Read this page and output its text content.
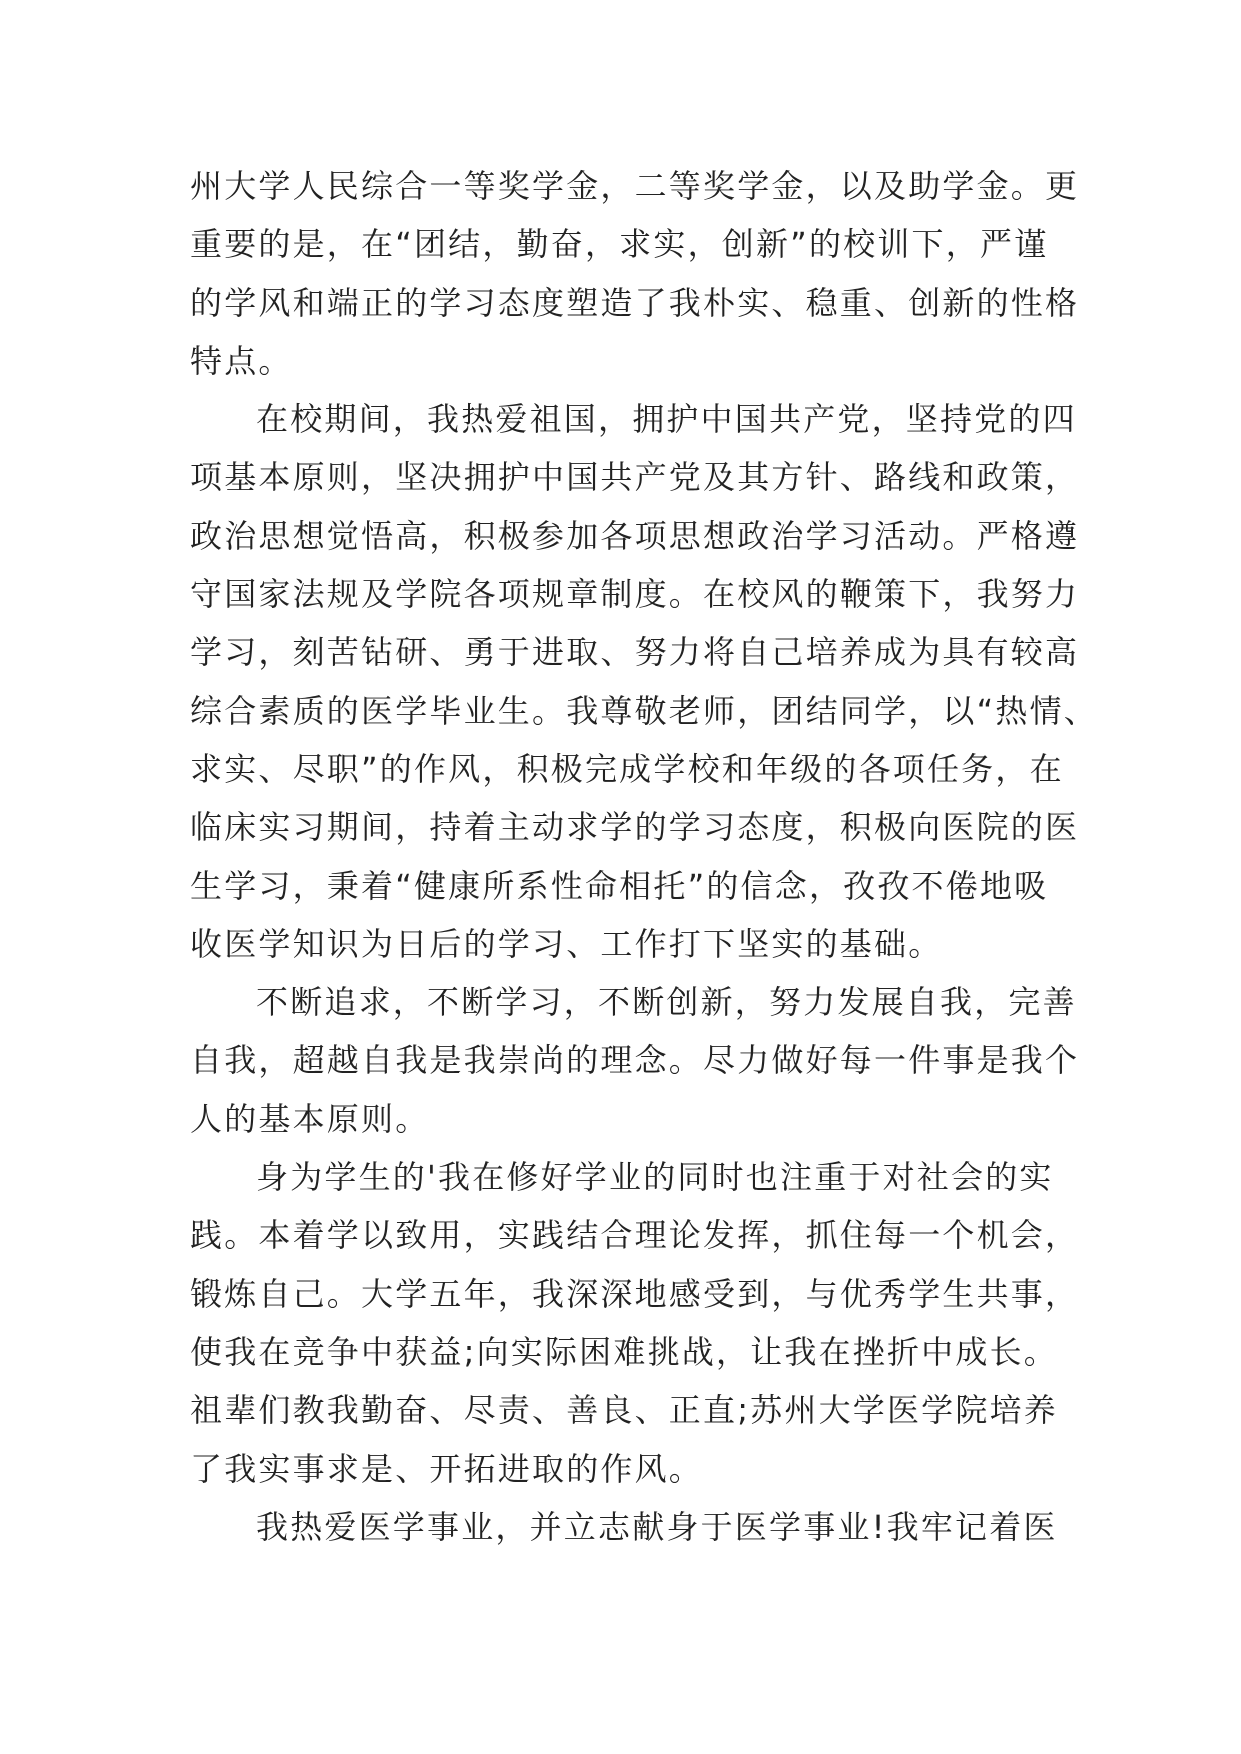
州大学人民综合一等奖学金，二等奖学金，以及助学金。更
重要的是，在“团结，勤奋，求实，创新”的校训下，严谨
的学风和端正的学习态度塑造了我朴实、稳重、创新的性格
特点。
在校期间，我热爱祖国，拥护中国共产党，坚持党的四
项基本原则，坚决拥护中国共产党及其方针、路线和政策，
政治思想觉悟高，积极参加各项思想政治学习活动。严格遵
守国家法规及学院各项规章制度。在校风的鞭策下，我努力
学习，刻苦钻研、勇于进取、努力将自己培养成为具有较高
综合素质的医学毕业生。我尊敬老师，团结同学，以“热情、
求实、尽职”的作风，积极完成学校和年级的各项任务，在
临床实习期间，持着主动求学的学习态度，积极向医院的医
生学习，秉着“健康所系性命相托”的信念，孜孜不倦地吸
收医学知识为日后的学习、工作打下坚实的基础。
不断追求，不断学习，不断创新，努力发展自我，完善
自我，超越自我是我崇尚的理念。尽力做好每一件事是我个
人的基本原则。
身为学生的'我在修好学业的同时也注重于对社会的实
践。本着学以致用，实践结合理论发挥，抓住每一个机会，
锻炼自己。大学五年，我深深地感受到，与优秀学生共事，
使我在竞争中获益;向实际困难挑战，让我在挫折中成长。
祖辈们教我勤奋、尽责、善良、正直;苏州大学医学院培养
了我实事求是、开拓进取的作风。
我热爱医学事业，并立志献身于医学事业!我牢记着医
